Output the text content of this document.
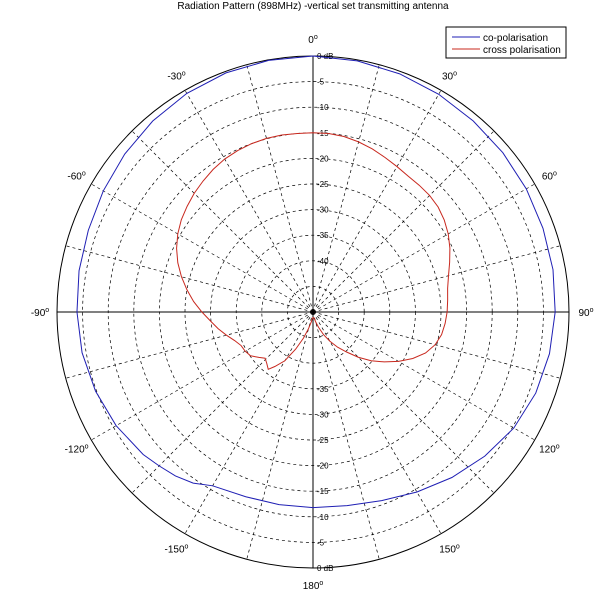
Radiation Pattern (898MHz) -vertical set transmitting antenna
0$^o$
30$^o$
60$^o$
90$^o$
120$^o$
150$^o$
180$^o$
-150$^o$
-120$^o$
-90$^o$
-60$^o$
-30$^o$
0 dB
-5
-10
-15
-20
-25
-30
-35
-40
0 dB
-5
-10
-15
-20
-25
-30
-35
co-polarisation
cross polarisation
